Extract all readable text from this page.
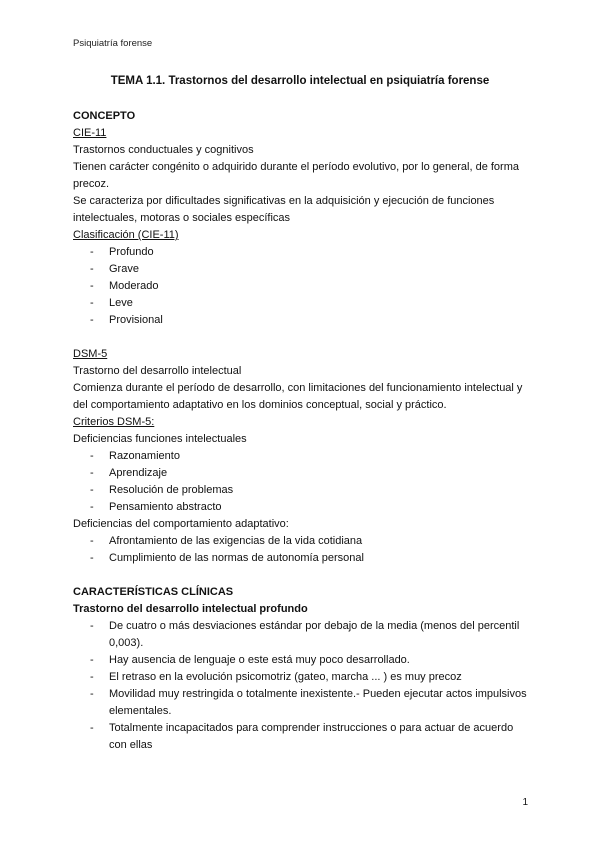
Psiquiatría forense
TEMA 1.1. Trastornos del desarrollo intelectual en psiquiatría forense
CONCEPTO
CIE-11
Trastornos conductuales y cognitivos
Tienen carácter congénito o adquirido durante el período evolutivo, por lo general, de forma precoz.
Se caracteriza por dificultades significativas en la adquisición y ejecución de funciones intelectuales, motoras o sociales específicas
Clasificación (CIE-11)
- Profundo
- Grave
- Moderado
- Leve
- Provisional
DSM-5
Trastorno del desarrollo intelectual
Comienza durante el período de desarrollo, con limitaciones del funcionamiento intelectual y del comportamiento adaptativo en los dominios conceptual, social y práctico.
Criterios DSM-5:
Deficiencias funciones intelectuales
- Razonamiento
- Aprendizaje
- Resolución de problemas
- Pensamiento abstracto
Deficiencias del comportamiento adaptativo:
- Afrontamiento de las exigencias de la vida cotidiana
- Cumplimiento de las normas de autonomía personal
CARACTERÍSTICAS CLÍNICAS
Trastorno del desarrollo intelectual profundo
- De cuatro o más desviaciones estándar por debajo de la media (menos del percentil 0,003).
- Hay ausencia de lenguaje o este está muy poco desarrollado.
- El retraso en la evolución psicomotriz (gateo, marcha ... ) es muy precoz
- Movilidad muy restringida o totalmente inexistente.- Pueden ejecutar actos impulsivos elementales.
- Totalmente incapacitados para comprender instrucciones o para actuar de acuerdo con ellas
1
